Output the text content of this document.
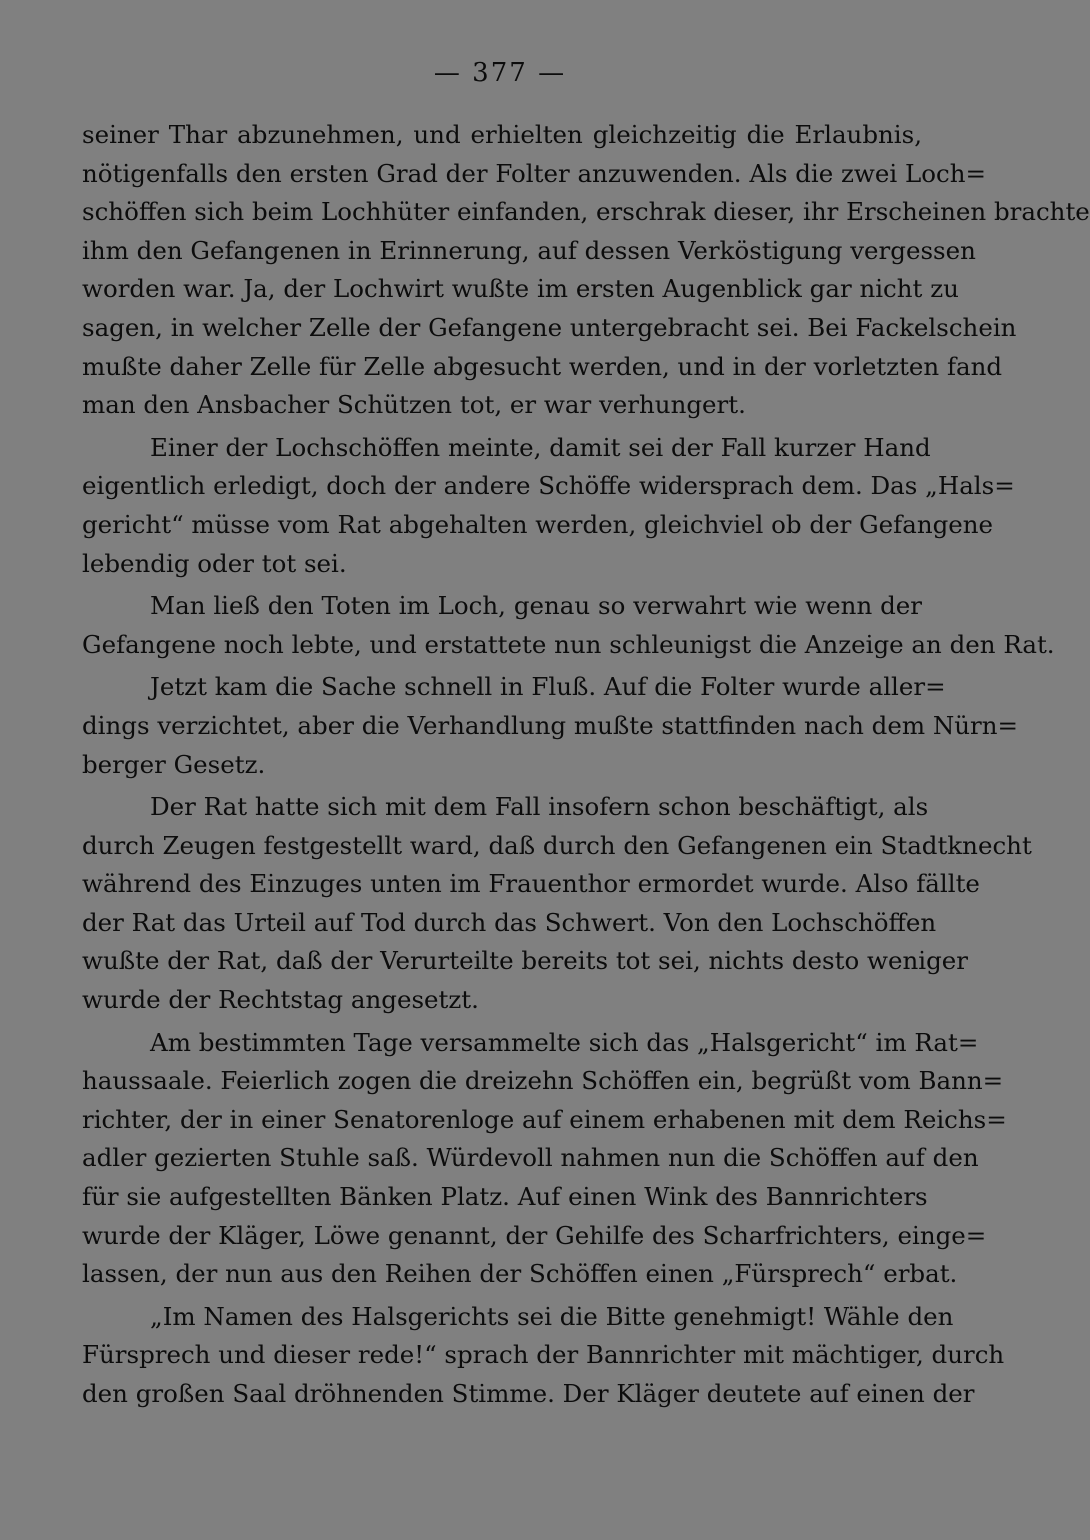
— 377 —
seiner Thar abzunehmen, und erhielten gleichzeitig die Erlaubnis,
nötigenfalls den ersten Grad der Folter anzuwenden. Als die zwei Loch=
schöffen sich beim Lochhüter einfanden, erschrak dieser, ihr Erscheinen brachte
ihm den Gefangenen in Erinnerung, auf dessen Verköstigung vergessen
worden war. Ja, der Lochwirt wußte im ersten Augenblick gar nicht zu
sagen, in welcher Zelle der Gefangene untergebracht sei. Bei Fackelschein
mußte daher Zelle für Zelle abgesucht werden, und in der vorletzten fand
man den Ansbacher Schützen tot, er war verhungert.
Einer der Lochschöffen meinte, damit sei der Fall kurzer Hand
eigentlich erledigt, doch der andere Schöffe widersprach dem. Das „Hals=
gericht“ müsse vom Rat abgehalten werden, gleichviel ob der Gefangene
lebendig oder tot sei.
Man ließ den Toten im Loch, genau so verwahrt wie wenn der
Gefangene noch lebte, und erstattete nun schleunigst die Anzeige an den Rat.
Jetzt kam die Sache schnell in Fluß. Auf die Folter wurde aller=
dings verzichtet, aber die Verhandlung mußte stattfinden nach dem Nürn=
berger Gesetz.
Der Rat hatte sich mit dem Fall insofern schon beschäftigt, als
durch Zeugen festgestellt ward, daß durch den Gefangenen ein Stadtknecht
während des Einzuges unten im Frauenthor ermordet wurde. Also fällte
der Rat das Urteil auf Tod durch das Schwert. Von den Lochschöffen
wußte der Rat, daß der Verurteilte bereits tot sei, nichts desto weniger
wurde der Rechtstag angesetzt.
Am bestimmten Tage versammelte sich das „Halsgericht“ im Rat=
haussaale. Feierlich zogen die dreizehn Schöffen ein, begrüßt vom Bann=
richter, der in einer Senatorenloge auf einem erhabenen mit dem Reichs=
adler gezierten Stuhle saß. Würdevoll nahmen nun die Schöffen auf den
für sie aufgestellten Bänken Platz. Auf einen Wink des Bannrichters
wurde der Kläger, Löwe genannt, der Gehilfe des Scharfrichters, einge=
lassen, der nun aus den Reihen der Schöffen einen „Fürsprech“ erbat.
„Im Namen des Halsgerichts sei die Bitte genehmigt! Wähle den
Fürsprech und dieser rede!“ sprach der Bannrichter mit mächtiger, durch
den großen Saal dröhnenden Stimme. Der Kläger deutete auf einen der
